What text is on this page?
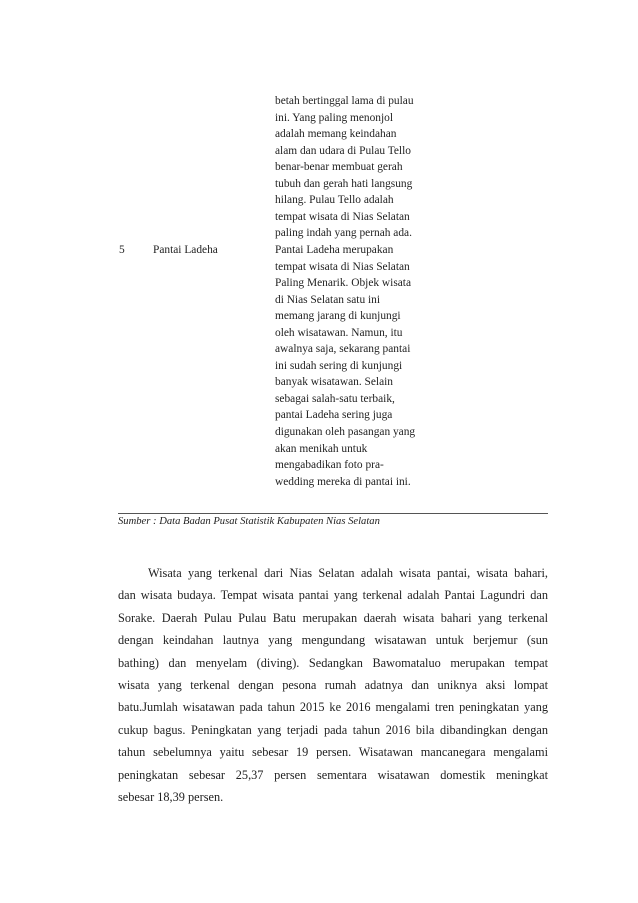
betah bertinggal lama di pulau
ini. Yang paling menonjol
adalah memang keindahan
alam dan udara di Pulau Tello
benar-benar membuat gerah
tubuh dan gerah hati langsung
hilang. Pulau Tello adalah
tempat wisata di Nias Selatan
paling indah yang pernah ada.
5 Pantai Ladeha	Pantai Ladeha merupakan
tempat wisata di Nias Selatan
Paling Menarik. Objek wisata
di Nias Selatan satu ini
memang jarang di kunjungi
oleh wisatawan. Namun, itu
awalnya saja, sekarang pantai
ini sudah sering di kunjungi
banyak wisatawan. Selain
sebagai salah-satu terbaik,
pantai Ladeha sering juga
digunakan oleh pasangan yang
akan menikah untuk
mengabadikan foto pra-
wedding mereka di pantai ini.
Sumber : Data Badan Pusat Statistik Kabupaten Nias Selatan
Wisata yang terkenal dari Nias Selatan adalah wisata pantai, wisata bahari,
dan wisata budaya. Tempat wisata pantai yang terkenal adalah Pantai Lagundri dan
Sorake. Daerah Pulau Pulau Batu merupakan daerah wisata bahari yang terkenal
dengan keindahan lautnya yang mengundang wisatawan untuk berjemur (sun
bathing) dan menyelam (diving). Sedangkan Bawomataluo merupakan tempat
wisata yang terkenal dengan pesona rumah adatnya dan uniknya aksi lompat
batu.Jumlah wisatawan pada tahun 2015 ke 2016 mengalami tren peningkatan yang
cukup bagus. Peningkatan yang terjadi pada tahun 2016 bila dibandingkan dengan
tahun sebelumnya yaitu sebesar 19 persen. Wisatawan mancanegara mengalami
peningkatan sebesar 25,37 persen sementara wisatawan domestik meningkat
sebesar 18,39 persen.
